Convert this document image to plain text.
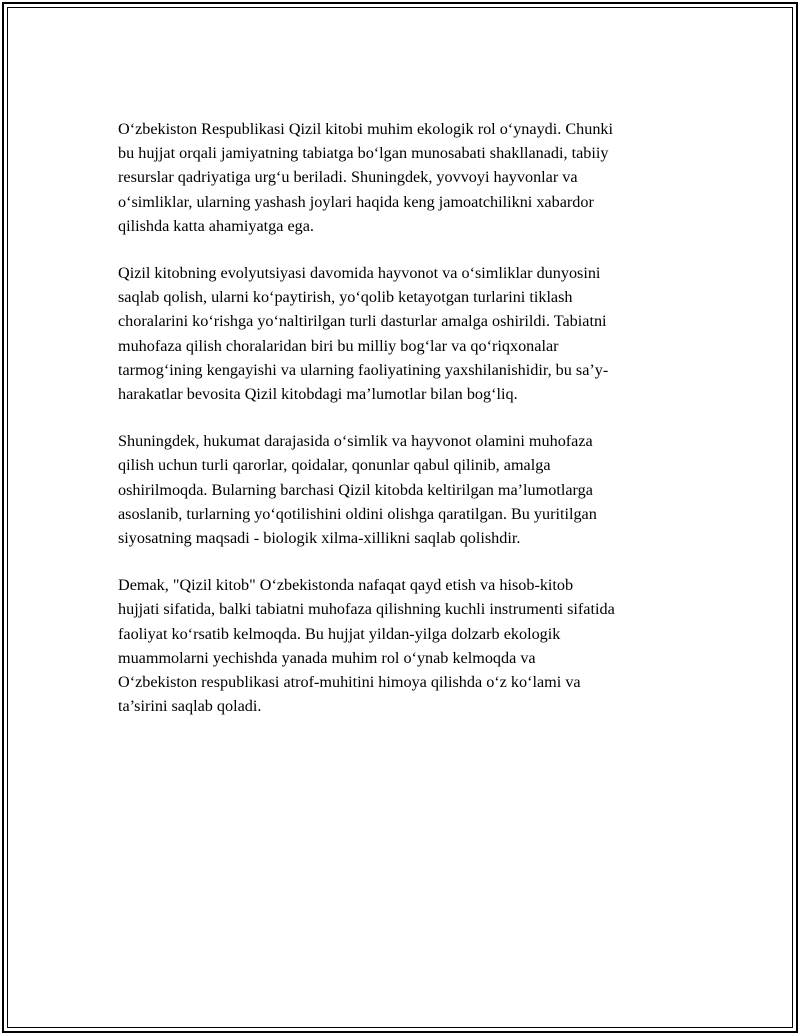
O‘zbekiston Respublikasi Qizil kitobi muhim ekologik rol o‘ynaydi. Chunki
bu hujjat orqali jamiyatning tabiatga bo‘lgan munosabati shakllanadi, tabiiy
resurslar qadriyatiga urg‘u beriladi. Shuningdek, yovvoyi hayvonlar va
o‘simliklar, ularning yashash joylari haqida keng jamoatchilikni xabardor
qilishda katta ahamiyatga ega.

Qizil kitobning evolyutsiyasi davomida hayvonot va o‘simliklar dunyosini
saqlab qolish, ularni ko‘paytirish, yo‘qolib ketayotgan turlarini tiklash
choralarini ko‘rishga yo‘naltirilgan turli dasturlar amalga oshirildi. Tabiatni
muhofaza qilish choralaridan biri bu milliy bog‘lar va qo‘riqxonalar
tarmog‘ining kengayishi va ularning faoliyatining yaxshilanishidir, bu sa’y-
harakatlar bevosita Qizil kitobdagi ma’lumotlar bilan bog‘liq.

Shuningdek, hukumat darajasida o‘simlik va hayvonot olamini muhofaza
qilish uchun turli qarorlar, qoidalar, qonunlar qabul qilinib, amalga
oshirilmoqda. Bularning barchasi Qizil kitobda keltirilgan ma’lumotlarga
asoslanib, turlarning yo‘qotilishini oldini olishga qaratilgan. Bu yuritilgan
siyosatning maqsadi - biologik xilma-xillikni saqlab qolishdir.

Demak, "Qizil kitob" O‘zbekistonda nafaqat qayd etish va hisob-kitob
hujjati sifatida, balki tabiatni muhofaza qilishning kuchli instrumenti sifatida
faoliyat ko‘rsatib kelmoqda. Bu hujjat yildan-yilga dolzarb ekologik
muammolarni yechishda yanada muhim rol o‘ynab kelmoqda va
O‘zbekiston respublikasi atrof-muhitini himoya qilishda o‘z ko‘lami va
ta’sirini saqlab qoladi.
